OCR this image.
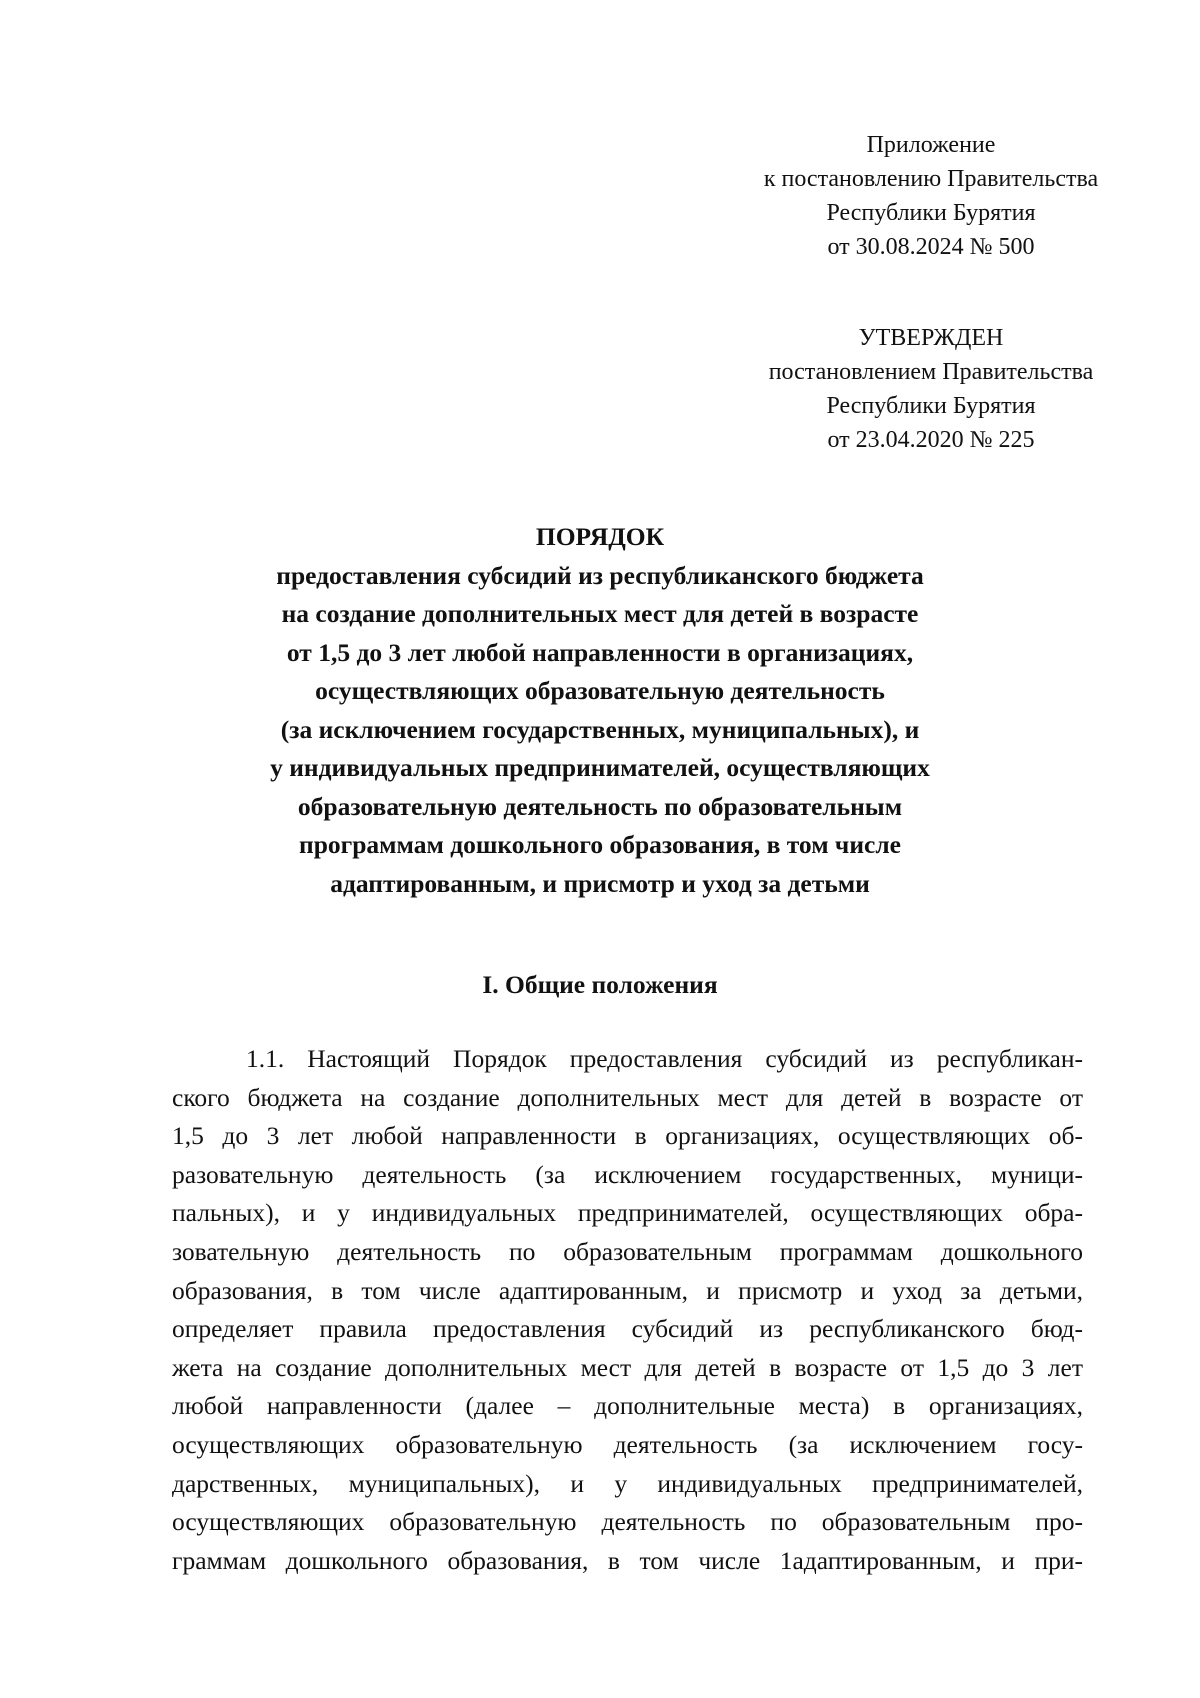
Приложение
к постановлению Правительства
Республики Бурятия
от 30.08.2024 № 500
УТВЕРЖДЕН
постановлением Правительства
Республики Бурятия
от 23.04.2020 № 225
ПОРЯДОК
предоставления субсидий из республиканского бюджета
на создание дополнительных мест для детей в возрасте
от 1,5 до 3 лет любой направленности в организациях,
осуществляющих образовательную деятельность
(за исключением государственных, муниципальных), и
у индивидуальных предпринимателей, осуществляющих
образовательную деятельность по образовательным
программам дошкольного образования, в том числе
адаптированным, и присмотр и уход за детьми
I. Общие положения
1.1. Настоящий Порядок предоставления субсидий из республикан-
ского бюджета на создание дополнительных мест для детей в возрасте от
1,5 до 3 лет любой направленности в организациях, осуществляющих об-
разовательную деятельность (за исключением государственных, муници-
пальных), и у индивидуальных предпринимателей, осуществляющих обра-
зовательную деятельность по образовательным программам дошкольного
образования, в том числе адаптированным, и присмотр и уход за детьми,
определяет правила предоставления субсидий из республиканского бюд-
жета на создание дополнительных мест для детей в возрасте от 1,5 до 3 лет
любой направленности (далее – дополнительные места) в организациях,
осуществляющих образовательную деятельность (за исключением госу-
дарственных, муниципальных), и у индивидуальных предпринимателей,
осуществляющих образовательную деятельность по образовательным про-
граммам дошкольного образования, в том числе 1адаптированным, и при-
